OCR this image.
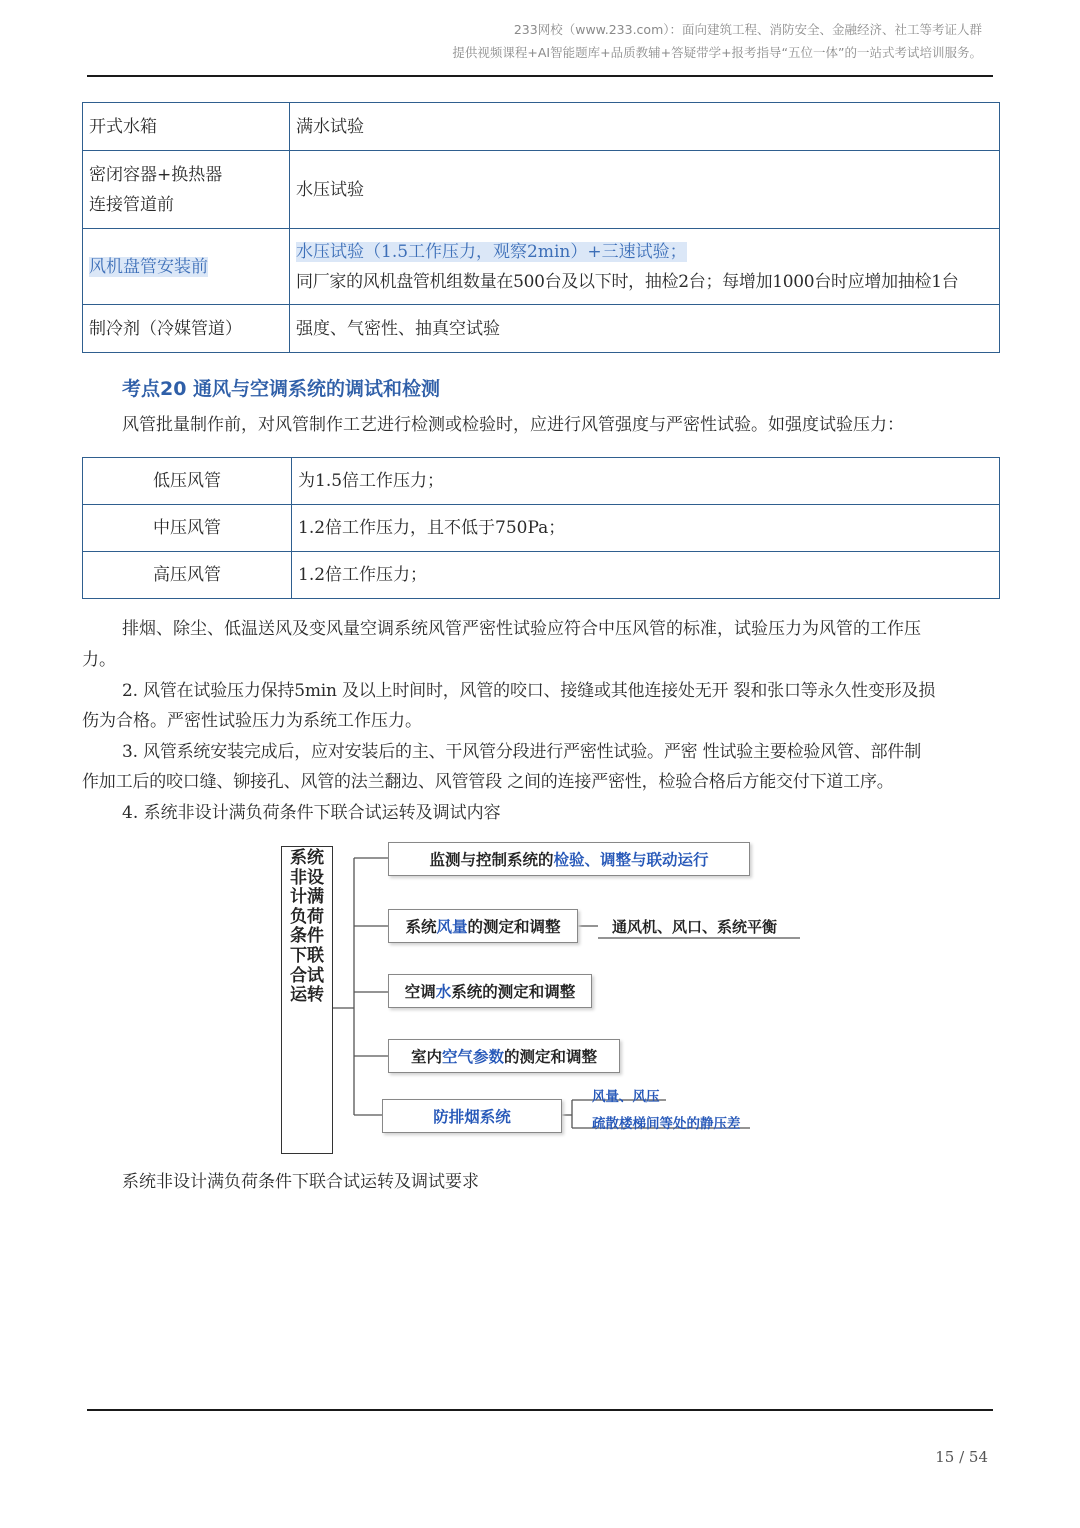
233网校（www.233.com）：面向建筑工程、消防安全、金融经济、社工等考证人群
提供视频课程+AI智能题库+品质教辅+答疑带学+报考指导“五位一体”的一站式考试培训服务。
开式水箱	满水试验
密闭容器+换热器
连接管道前	水压试验
风机盘管安装前	水压试验（1.5工作压力，观察2min）+三速试验；
同厂家的风机盘管机组数量在500台及以下时，抽检2台；每增加1000台时应增加抽检1台

制冷剂（冷媒管道）	强度、气密性、抽真空试验
考点20 通风与空调系统的调试和检测
风管批量制作前，对风管制作工艺进行检测或检验时，应进行风管强度与严密性试验。如强度试验压力：
低压风管	为1.5倍工作压力；
中压风管	1.2倍工作压力，且不低于750Pa；
高压风管	1.2倍工作压力；
排烟、除尘、低温送风及变风量空调系统风管严密性试验应符合中压风管的标准，试验压力为风管的工作压
力。
2. 风管在试验压力保持5min 及以上时间时，风管的咬口、接缝或其他连接处无开 裂和张口等永久性变形及损
伤为合格。严密性试验压力为系统工作压力。
3. 风管系统安装完成后，应对安装后的主、干风管分段进行严密性试验。严密 性试验主要检验风管、部件制
作加工后的咬口缝、铆接孔、风管的法兰翻边、风管管段 之间的连接严密性，检验合格后方能交付下道工序。
4. 系统非设计满负荷条件下联合试运转及调试内容
系统非设计满负荷条件下联合试运转
监测与控制系统的 检验、调整与联动运行
系统 风量 的测定和调整	通风机、风口、系统平衡
空调 水 系统的测定和调整
室内 空气参数 的测定和调整
防排烟系统
风量、风压
疏散楼梯间等处的静压差
系统非设计满负荷条件下联合试运转及调试要求
15 / 54
